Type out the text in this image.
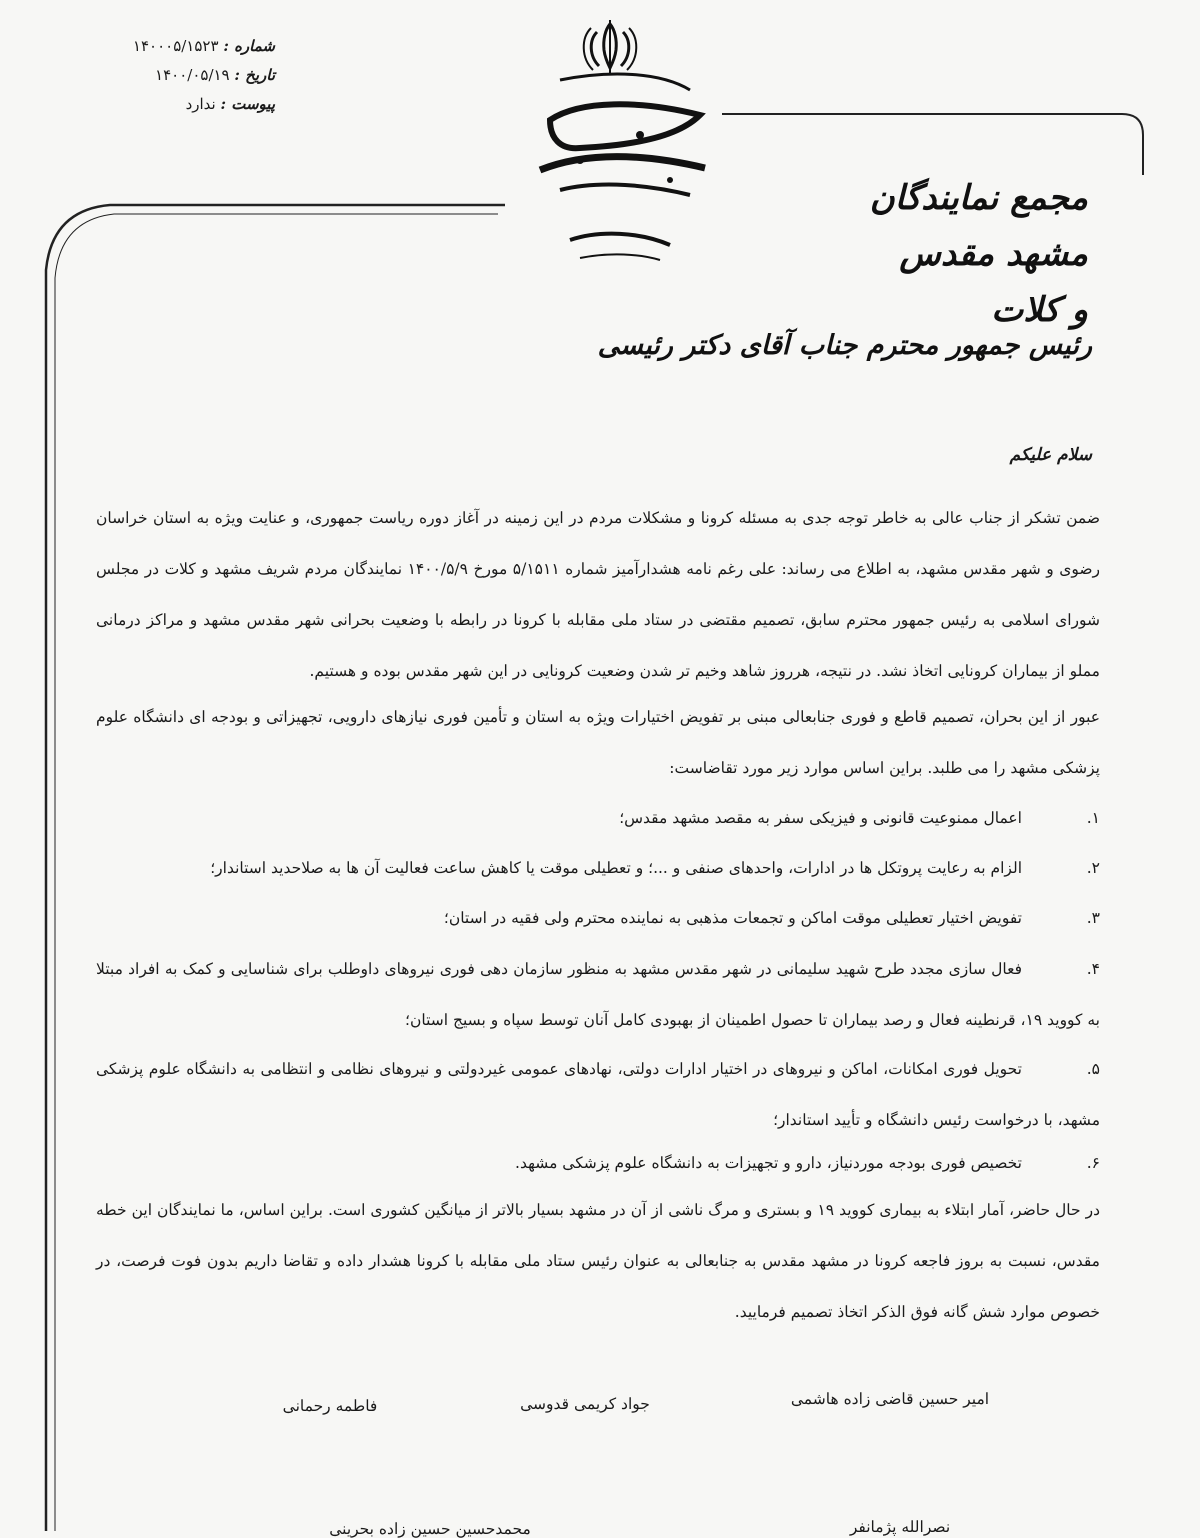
شماره : ۱۴۰۰۰۵/۱۵۲۳
تاریخ : ۱۴۰۰/۰۵/۱۹
پیوست : ندارد
مجمع نمایندگان مشهد مقدس
و کلات
رئیس جمهور محترم جناب آقای دکتر رئیسی
سلام علیکم
ضمن تشکر از جناب عالی به خاطر توجه جدی به مسئله کرونا و مشکلات مردم در این زمینه در آغاز دوره ریاست جمهوری، و عنایت ویژه به استان خراسان رضوی و شهر مقدس مشهد، به اطلاع می رساند: علی رغم نامه هشدارآمیز شماره ۵/۱۵۱۱ مورخ ۱۴۰۰/۵/۹ نمایندگان مردم شریف مشهد و کلات در مجلس شورای اسلامی به رئیس جمهور محترم سابق، تصمیم مقتضی در ستاد ملی مقابله با کرونا در رابطه با وضعیت بحرانی شهر مقدس مشهد و مراکز درمانی مملو از بیماران کرونایی اتخاذ نشد. در نتیجه، هرروز شاهد وخیم تر شدن وضعیت کرونایی در این شهر مقدس بوده و هستیم.
عبور از این بحران، تصمیم قاطع و فوری جنابعالی مبنی بر تفویض اختیارات ویژه به استان و تأمین فوری نیازهای دارویی، تجهیزاتی و بودجه ای دانشگاه علوم پزشکی مشهد را می طلبد. براین اساس موارد زیر مورد تقاضاست:
۱.
اعمال ممنوعیت قانونی و فیزیکی سفر به مقصد مشهد مقدس؛
۲.
الزام به رعایت پروتکل ها در ادارات، واحدهای صنفی و ...؛ و تعطیلی موقت یا کاهش ساعت فعالیت آن ها به صلاحدید استاندار؛
۳.
تفویض اختیار تعطیلی موقت اماکن و تجمعات مذهبی به نماینده محترم ولی فقیه در استان؛
۴.
فعال سازی مجدد طرح شهید سلیمانی در شهر مقدس مشهد به منظور سازمان دهی فوری نیروهای داوطلب برای شناسایی و کمک به افراد مبتلا به کووید ۱۹، قرنطینه فعال و رصد بیماران تا حصول اطمینان از بهبودی کامل آنان توسط سپاه و بسیج استان؛
۵.
تحویل فوری امکانات، اماکن و نیروهای در اختیار ادارات دولتی، نهادهای عمومی غیردولتی و نیروهای نظامی و انتظامی به دانشگاه علوم پزشکی مشهد، با درخواست رئیس دانشگاه و تأیید استاندار؛
۶.
تخصیص فوری بودجه موردنیاز، دارو و تجهیزات به دانشگاه علوم پزشکی مشهد.
در حال حاضر، آمار ابتلاء به بیماری کووید ۱۹ و بستری و مرگ ناشی از آن در مشهد بسیار بالاتر از میانگین کشوری است. براین اساس، ما نمایندگان این خطه مقدس، نسبت به بروز فاجعه کرونا در مشهد مقدس به جنابعالی به عنوان رئیس ستاد ملی مقابله با کرونا هشدار داده و تقاضا داریم بدون فوت فرصت، در خصوص موارد شش گانه فوق الذکر اتخاذ تصمیم فرمایید.
امیر حسین قاضی زاده هاشمی
جواد کریمی قدوسی
فاطمه رحمانی
نصرالله پژمانفر
محمدحسین حسین زاده بحرینی
